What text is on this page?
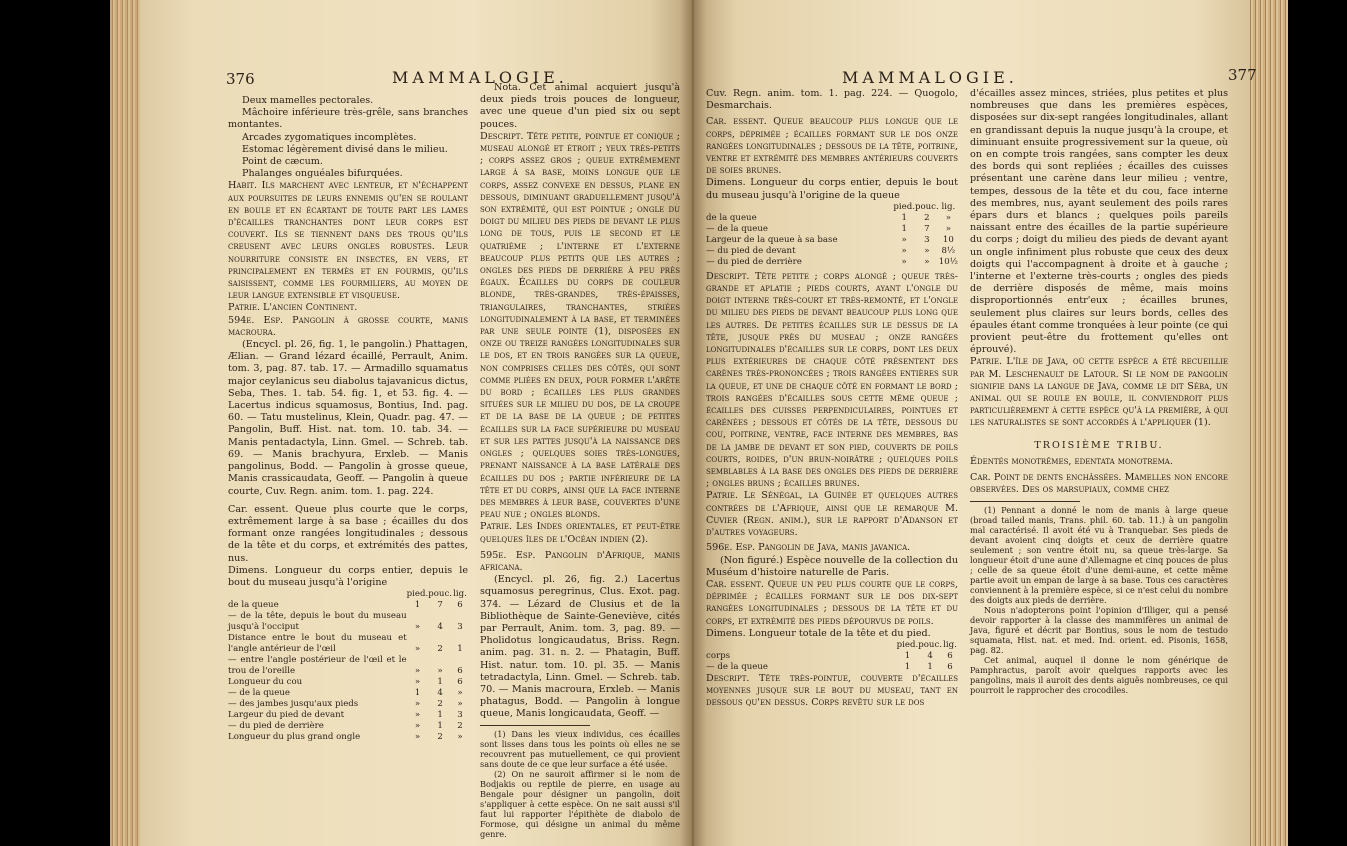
376	MAMMALOGIE.

Deux mamelles pectorales.

Mâchoire inférieure très-grêle, sans branches montantes.

Arcades zygomatiques incomplètes.

Estomac légèrement divisé dans le milieu.

Point de cæcum.

Phalanges onguéales bifurquées.

Habit. Ils marchent avec lenteur, et n'échappent aux poursuites de leurs ennemis qu'en se roulant en boule et en écartant de toute part les lames d'écailles tranchantes dont leur corps est couvert. Ils se tiennent dans des trous qu'ils creusent avec leurs ongles robustes. Leur nourriture consiste en insectes, en vers, et principalement en termès et en fourmis, qu'ils saisissent, comme les fourmiliers, au moyen de leur langue extensible et visqueuse.

Patrie. L'ancien Continent.

594e. Esp. Pangolin à grosse courte, manis macroura.

(Encycl. pl. 26, fig. 1, le pangolin.) Phattagen, Ælian. — Grand lézard écaillé, Perrault, Anim. tom. 3, pag. 87. tab. 17. — Armadillo squamatus major ceylanicus seu diabolus tajavanicus dictus, Seba, Thes. 1. tab. 54. fig. 1, et 53. fig. 4. — Lacertus indicus squamosus, Bontius, Ind. pag. 60. — Tatu mustelinus, Klein, Quadr. pag. 47. — Pangolin, Buff. Hist. nat. tom. 10. tab. 34. — Manis pentadactyla, Linn. Gmel. — Schreb. tab. 69. — Manis brachyura, Erxleb. — Manis pangolinus, Bodd. — Pangolin à grosse queue, Manis crassicaudata, Geoff. — Pangolin à queue courte, Cuv. Regn. anim. tom. 1. pag. 224.

Car. essent. Queue plus courte que le corps, extrêmement large à sa base ; écailles du dos formant onze rangées longitudinales ; dessous de la tête et du corps, et extrémités des pattes, nus.

Dimens. Longueur du corps entier, depuis le bout du museau jusqu'à l'origine

	pied.	pouc.	lig.
de la queue	1	7	6
— de la tête, depuis le bout du museau jusqu'à l'occiput	»	4	3
Distance entre le bout du museau et l'angle antérieur de l'œil	»	2	1
— entre l'angle postérieur de l'œil et le trou de l'oreille	»	»	6
Longueur du cou	»	1	6
— de la queue	1	4	»
— des jambes jusqu'aux pieds	»	2	»
Largeur du pied de devant	»	1	3
— du pied de derrière	»	1	2
Longueur du plus grand ongle	»	2	»

Nota. Cet animal acquiert jusqu'à deux pieds trois pouces de longueur, avec une queue d'un pied six ou sept pouces.

Descript. Tête petite, pointue et conique ; museau alongé et étroit ; yeux très-petits ; corps assez gros ; queue extrêmement large à sa base, moins longue que le corps, assez convexe en dessus, plane en dessous, diminuant graduellement jusqu'à son extrémité, qui est pointue ; ongle du doigt du milieu des pieds de devant le plus long de tous, puis le second et le quatrième ; l'interne et l'externe beaucoup plus petits que les autres ; ongles des pieds de derrière à peu près égaux. Écailles du corps de couleur blonde, très-grandes, très-épaisses, triangulaires, tranchantes, striées longitudinalement à la base, et terminées par une seule pointe (1), disposées en onze ou treize rangées longitudinales sur le dos, et en trois rangées sur la queue, non comprises celles des côtés, qui sont comme pliées en deux, pour former l'arête du bord ; écailles les plus grandes situées sur le milieu du dos, de la croupe et de la base de la queue ; de petites écailles sur la face supérieure du museau et sur les pattes jusqu'à la naissance des ongles ; quelques soies très-longues, prenant naissance à la base latérale des écailles du dos ; partie inférieure de la tête et du corps, ainsi que la face interne des membres à leur base, couvertes d'une peau nue ; ongles blonds.

Patrie. Les Indes orientales, et peut-être quelques îles de l'Océan indien (2).

595e. Esp. Pangolin d'Afrique, manis africana.

(Encycl. pl. 26, fig. 2.) Lacertus squamosus peregrinus, Clus. Exot. pag. 374. — Lézard de Clusius et de la Bibliothèque de Sainte-Geneviève, cités par Perrault, Anim. tom. 3, pag. 89. — Pholidotus longicaudatus, Briss. Regn. anim. pag. 31. n. 2. — Phatagin, Buff. Hist. natur. tom. 10. pl. 35. — Manis tetradactyla, Linn. Gmel. — Schreb. tab. 70. — Manis macroura, Erxleb. — Manis phatagus, Bodd. — Pangolin à longue queue, Manis longicaudata, Geoff. —

(1) Dans les vieux individus, ces écailles sont lisses dans tous les points où elles ne se recouvrent pas mutuellement, ce qui provient sans doute de ce que leur surface a été usée.

(2) On ne sauroit affirmer si le nom de Bodjakis ou reptile de pierre, en usage au Bengale pour désigner un pangolin, doit s'appliquer à cette espèce. On ne sait aussi s'il faut lui rapporter l'épithète de diabolo de Formose, qui désigne un animal du même genre.

MAMMALOGIE.	377

Cuv. Regn. anim. tom. 1. pag. 224. — Quogolo, Desmarchais.

Car. essent. Queue beaucoup plus longue que le corps, déprimée ; écailles formant sur le dos onze rangées longitudinales ; dessous de la tête, poitrine, ventre et extrémité des membres antérieurs couverts de soies brunes.

Dimens. Longueur du corps entier, depuis le bout du museau jusqu'à l'origine de la queue

	pied.	pouc.	lig.
de la queue	1	2	»
— de la queue	1	7	»
Largeur de la queue à sa base	»	3	10
— du pied de devant	»	»	8½
— du pied de derrière	»	»	10½

Descript. Tête petite ; corps alongé ; queue très-grande et aplatie ; pieds courts, ayant l'ongle du doigt interne très-court et très-remonté, et l'ongle du milieu des pieds de devant beaucoup plus long que les autres. De petites écailles sur le dessus de la tête, jusque près du museau ; onze rangées longitudinales d'écailles sur le corps, dont les deux plus extérieures de chaque côté présentent des carènes très-prononcées ; trois rangées entières sur la queue, et une de chaque côté en formant le bord ; trois rangées d'écailles sous cette même queue ; écailles des cuisses perpendiculaires, pointues et carénées ; dessous et côtés de la tête, dessous du cou, poitrine, ventre, face interne des membres, bas de la jambe de devant et son pied, couverts de poils courts, roides, d'un brun-noirâtre ; quelques poils semblables à la base des ongles des pieds de derrière ; ongles bruns ; écailles brunes.

Patrie. Le Sénégal, la Guinée et quelques autres contrées de l'Afrique, ainsi que le remarque M. Cuvier (Regn. anim.), sur le rapport d'Adanson et d'autres voyageurs.

596e. Esp. Pangolin de Java, manis javanica.

(Non figuré.) Espèce nouvelle de la collection du Muséum d'histoire naturelle de Paris.

Car. essent. Queue un peu plus courte que le corps, déprimée ; écailles formant sur le dos dix-sept rangées longitudinales ; dessous de la tête et du corps, et extrémité des pieds dépourvus de poils.

Dimens. Longueur totale de la tête et du pied.

	pied.	pouc.	lig.
corps	1	4	6
— de la queue	1	1	6

Descript. Tête très-pointue, couverte d'écailles moyennes jusque sur le bout du museau, tant en dessous qu'en dessus. Corps revêtu sur le dos

d'écailles assez minces, striées, plus petites et plus nombreuses que dans les premières espèces, disposées sur dix-sept rangées longitudinales, allant en grandissant depuis la nuque jusqu'à la croupe, et diminuant ensuite progressivement sur la queue, où on en compte trois rangées, sans compter les deux des bords qui sont repliées ; écailles des cuisses présentant une carène dans leur milieu ; ventre, tempes, dessous de la tête et du cou, face interne des membres, nus, ayant seulement des poils rares épars durs et blancs ; quelques poils pareils naissant entre des écailles de la partie supérieure du corps ; doigt du milieu des pieds de devant ayant un ongle infiniment plus robuste que ceux des deux doigts qui l'accompagnent à droite et à gauche ; l'interne et l'externe très-courts ; ongles des pieds de derrière disposés de même, mais moins disproportionnés entr'eux ; écailles brunes, seulement plus claires sur leurs bords, celles des épaules étant comme tronquées à leur pointe (ce qui provient peut-être du frottement qu'elles ont éprouvé).

Patrie. L'île de Java, où cette espèce a été recueillie par M. Leschenault de Latour. Si le nom de pangolin signifie dans la langue de Java, comme le dit Séba, un animal qui se roule en boule, il conviendroit plus particulièrement à cette espèce qu'à la première, à qui les naturalistes se sont accordés à l'appliquer (1).

TROISIÈME TRIBU.

Édentés monotrêmes, edentata monotrema.

Car. Point de dents enchâssées. Mamelles non encore observées. Des os marsupiaux, comme chez

(1) Pennant a donné le nom de manis à large queue (broad tailed manis, Trans. phil. 60. tab. 11.) à un pangolin mal caractérisé. Il avoit été vu à Tranquebar. Ses pieds de devant avoient cinq doigts et ceux de derrière quatre seulement ; son ventre étoit nu, sa queue très-large. Sa longueur étoit d'une aune d'Allemagne et cinq pouces de plus ; celle de sa queue étoit d'une demi-aune, et cette même partie avoit un empan de large à sa base. Tous ces caractères conviennent à la première espèce, si ce n'est celui du nombre des doigts aux pieds de derrière.

Nous n'adopterons point l'opinion d'Illiger, qui a pensé devoir rapporter à la classe des mammifères un animal de Java, figuré et décrit par Bontius, sous le nom de testudo squamata, Hist. nat. et med. Ind. orient. ed. Pisonis, 1658, pag. 82.

Cet animal, auquel il donne le nom générique de Pamphractus, paroît avoir quelques rapports avec les pangolins, mais il auroit des dents aiguës nombreuses, ce qui pourroit le rapprocher des crocodiles.
